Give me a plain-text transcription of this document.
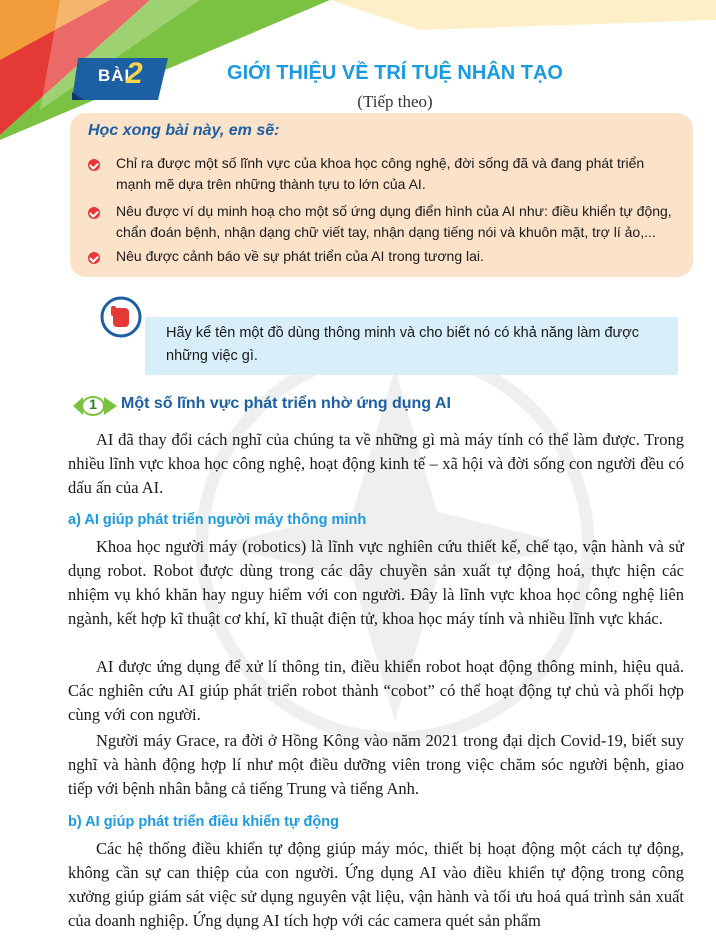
BÀI
2	GIỚI THIỆU VỀ TRÍ TUỆ NHÂN TẠO
(Tiếp theo)
Học xong bài này, em sẽ:
Chỉ ra được một số lĩnh vực của khoa học công nghệ, đời sống đã và đang phát triển mạnh mẽ dựa trên những thành tựu to lớn của AI.
Nêu được ví dụ minh hoạ cho một số ứng dụng điển hình của AI như: điều khiển tự động, chẩn đoán bệnh, nhận dạng chữ viết tay, nhận dạng tiếng nói và khuôn mặt, trợ lí ảo,...
Nêu được cảnh báo về sự phát triển của AI trong tương lai.
Hãy kể tên một đồ dùng thông minh và cho biết nó có khả năng làm được những việc gì.
1	Một số lĩnh vực phát triển nhờ ứng dụng AI
AI đã thay đổi cách nghĩ của chúng ta về những gì mà máy tính có thể làm được. Trong nhiều lĩnh vực khoa học công nghệ, hoạt động kinh tế – xã hội và đời sống con người đều có dấu ấn của AI.
a) AI giúp phát triển người máy thông minh
Khoa học người máy (robotics) là lĩnh vực nghiên cứu thiết kế, chế tạo, vận hành và sử dụng robot. Robot được dùng trong các dây chuyền sản xuất tự động hoá, thực hiện các nhiệm vụ khó khăn hay nguy hiểm với con người. Đây là lĩnh vực khoa học công nghệ liên ngành, kết hợp kĩ thuật cơ khí, kĩ thuật điện tử, khoa học máy tính và nhiều lĩnh vực khác.
AI được ứng dụng để xử lí thông tin, điều khiển robot hoạt động thông minh, hiệu quả. Các nghiên cứu AI giúp phát triển robot thành “cobot” có thể hoạt động tự chủ và phối hợp cùng với con người.
Người máy Grace, ra đời ở Hồng Kông vào năm 2021 trong đại dịch Covid-19, biết suy nghĩ và hành động hợp lí như một điều dưỡng viên trong việc chăm sóc người bệnh, giao tiếp với bệnh nhân bằng cả tiếng Trung và tiếng Anh.
b) AI giúp phát triển điều khiển tự động
Các hệ thống điều khiển tự động giúp máy móc, thiết bị hoạt động một cách tự động, không cần sự can thiệp của con người. Ứng dụng AI vào điều khiển tự động trong công xưởng giúp giám sát việc sử dụng nguyên vật liệu, vận hành và tối ưu hoá quá trình sản xuất của doanh nghiệp. Ứng dụng AI tích hợp với các camera quét sản phẩm
